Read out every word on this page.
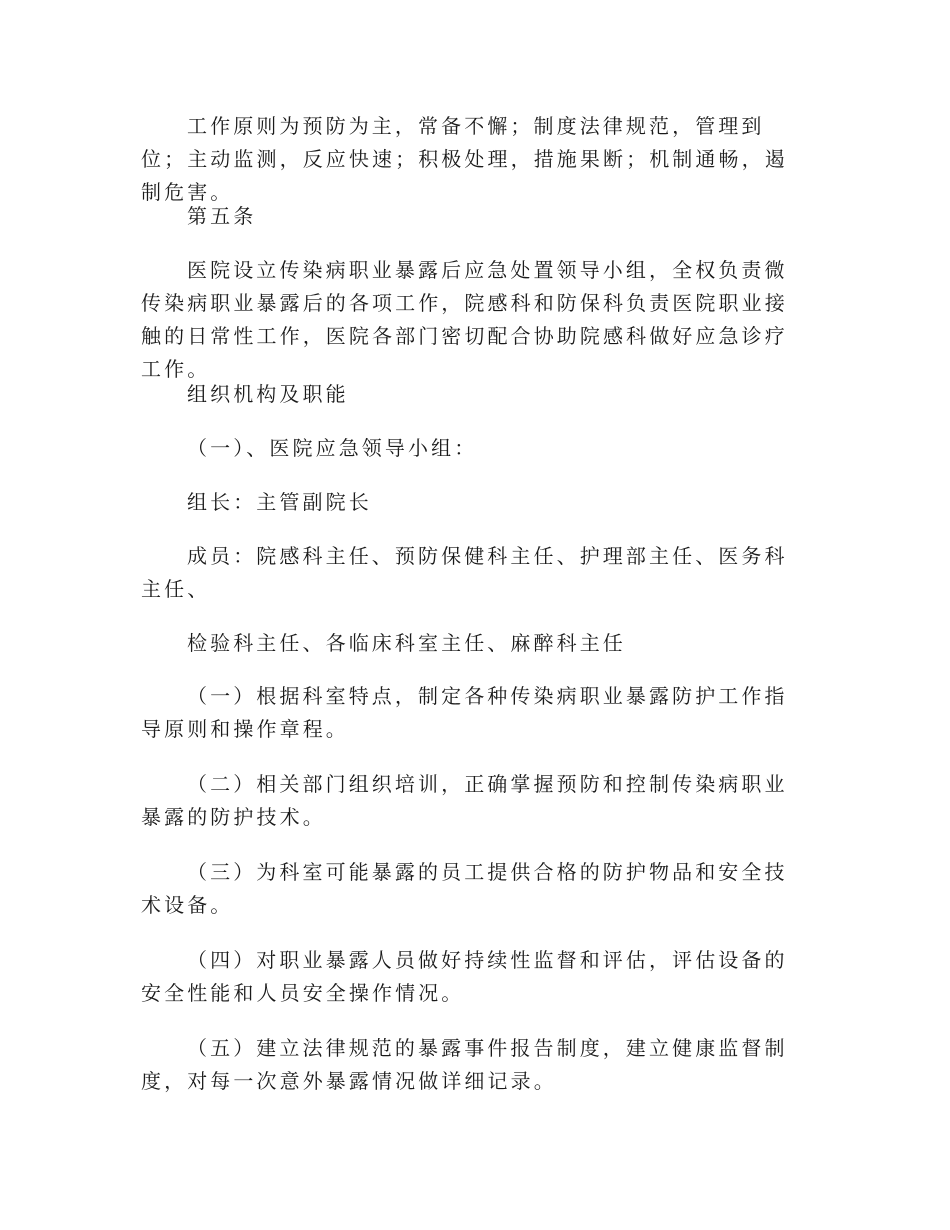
工作原则为预防为主，常备不懈；制度法律规范，管理到位；主动监测，反应快速；积极处理，措施果断；机制通畅，遏制危害。

第五条

医院设立传染病职业暴露后应急处置领导小组，全权负责微传染病职业暴露后的各项工作，院感科和防保科负责医院职业接触的日常性工作，医院各部门密切配合协助院感科做好应急诊疗工作。

组织机构及职能

（一）、医院应急领导小组：

组长：主管副院长

成员：院感科主任、预防保健科主任、护理部主任、医务科主任、

检验科主任、各临床科室主任、麻醉科主任

（一）根据科室特点，制定各种传染病职业暴露防护工作指导原则和操作章程。

（二）相关部门组织培训，正确掌握预防和控制传染病职业暴露的防护技术。

（三）为科室可能暴露的员工提供合格的防护物品和安全技术设备。

（四）对职业暴露人员做好持续性监督和评估，评估设备的安全性能和人员安全操作情况。

（五）建立法律规范的暴露事件报告制度，建立健康监督制度，对每一次意外暴露情况做详细记录。
